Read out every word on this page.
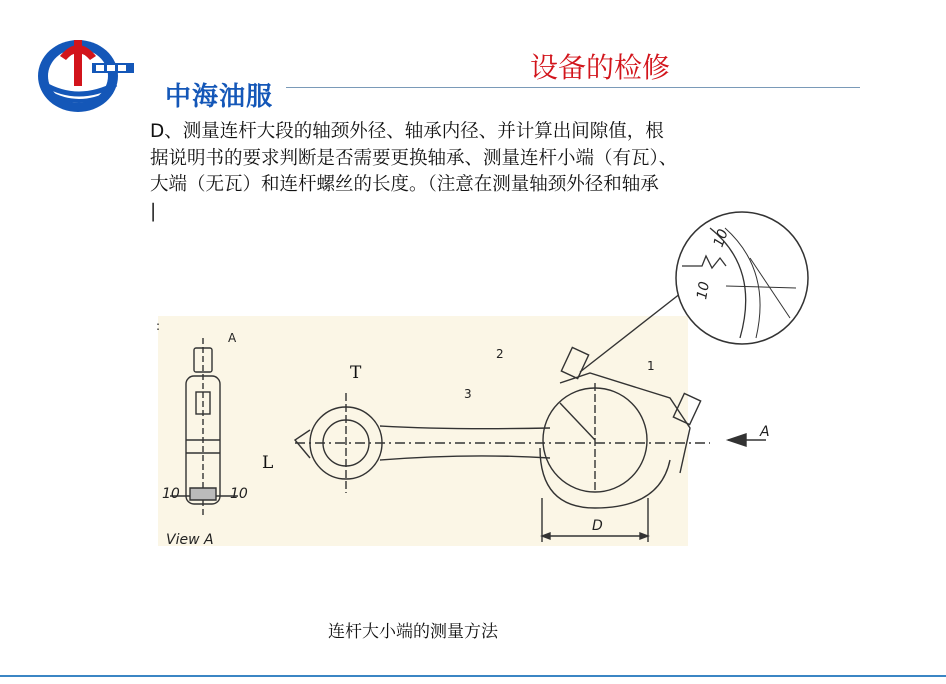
中海油服
设备的检修
D、测量连杆大段的轴颈外径、轴承内径、并计算出间隙值，根
据说明书的要求判断是否需要更换轴承、测量连杆小端（有瓦）、
大端（无瓦）和连杆螺丝的长度。（注意在测量轴颈外径和轴承
|
A
10	10
View A
:
T
L
2
3
1
A
D
10
10
连杆大小端的测量方法
